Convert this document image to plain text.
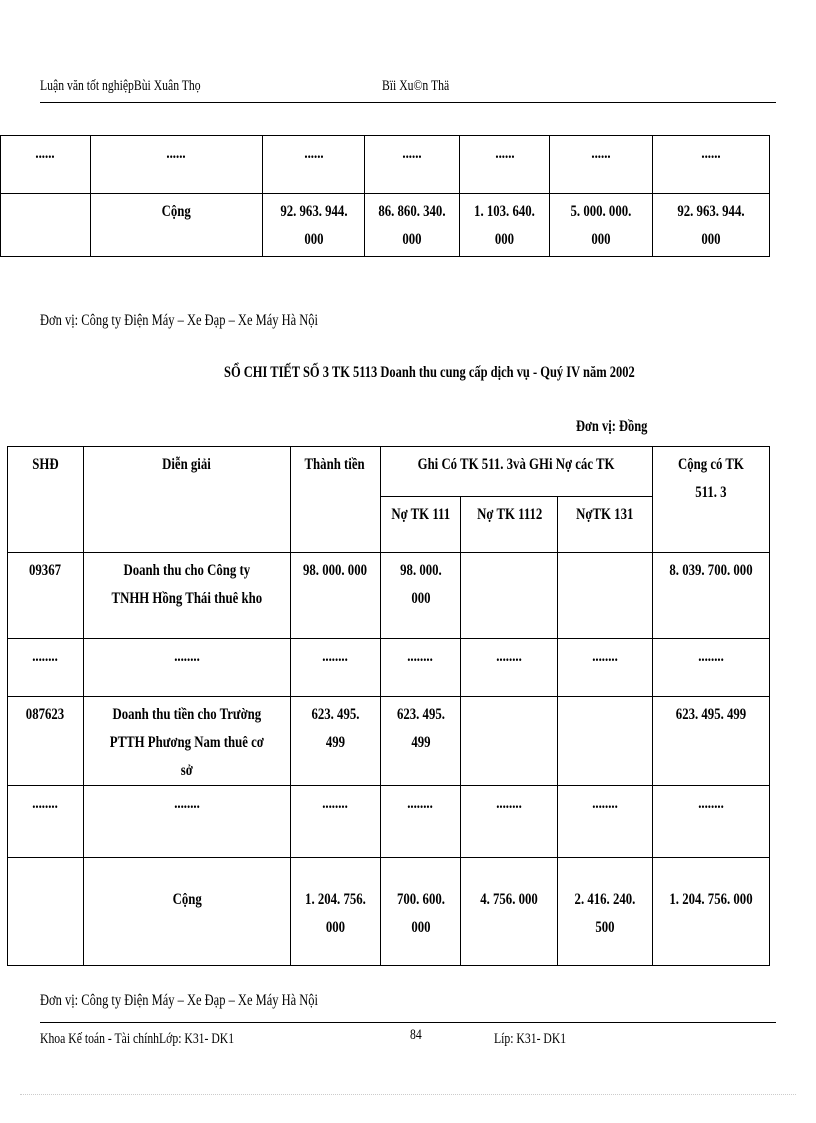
Luận văn tốt nghiệpBùi Xuân Thọ	Bïi Xu©n Thä
......	......	......	......	......	......	......
	Cộng	92. 963. 944. 000	86. 860. 340. 000	1. 103. 640. 000	5. 000. 000. 000	92. 963. 944. 000
Đơn vị: Công ty Điện Máy – Xe Đạp – Xe Máy Hà Nội
SỔ CHI TIẾT SỐ 3 TK 5113 Doanh thu cung cấp dịch vụ - Quý IV năm 2002
Đơn vị: Đồng
SHĐ	Diễn giải	Thành tiền	Ghi Có TK 511. 3và GHi Nợ các TK			Cộng có TK 511. 3
			Nợ TK 111	Nợ TK 1112	NợTK 131	
09367	Doanh thu cho Công ty TNHH Hồng Thái thuê kho	98. 000. 000	98. 000. 000			8. 039. 700. 000
........	........	........	........	........	........	........
087623	Doanh thu tiền cho Trường PTTH Phương Nam thuê cơ sở	623. 495. 499	623. 495. 499			623. 495. 499
........	........	........	........	........	........	........
	Cộng	1. 204. 756. 000	700. 600. 000	4. 756. 000	2. 416. 240. 500	1. 204. 756. 000
Đơn vị: Công ty Điện Máy – Xe Đạp – Xe Máy Hà Nội
Khoa Kế toán - Tài chínhLớp: K31- DK1	84	Líp: K31- DK1
